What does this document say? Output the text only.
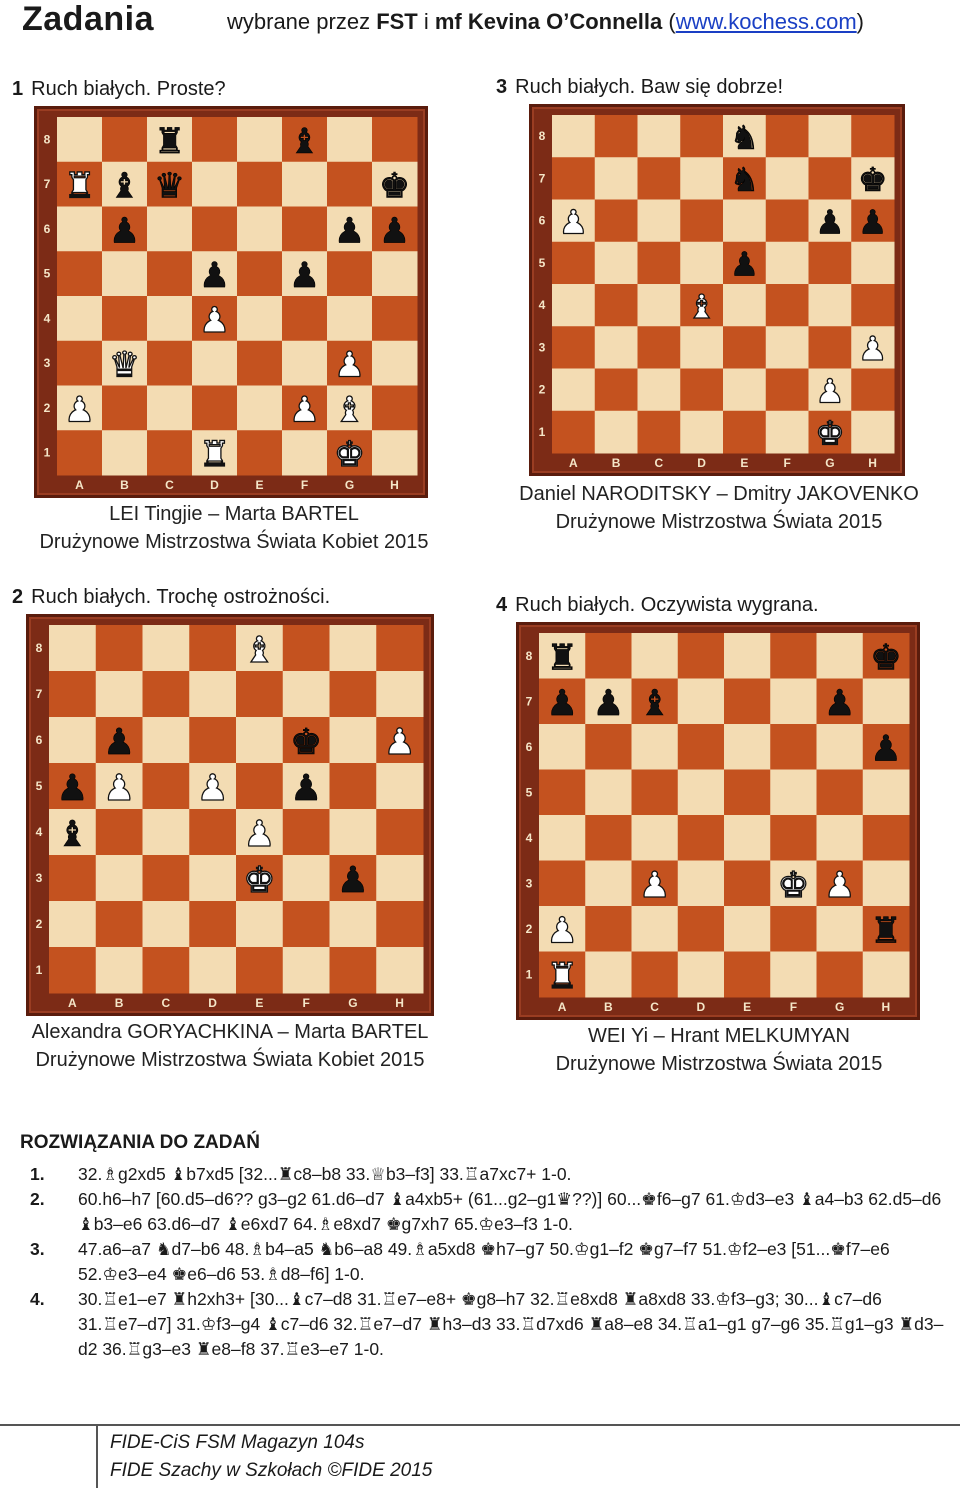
Zadania	wybrane przez FST i mf Kevina O’Connella (www.kochess.com)
1 Ruch białych. Proste?	3 Ruch białych. Baw się dobrze!
2 Ruch białych. Trochę ostrożności.	4 Ruch białych. Oczywista wygrana.
8
7
6
5
4
3
2
1
A	B	C	D	E	F	G	H
♜	♝
♜ ♝ ♛	♚
♟	♟ ♟
♟ ♟
♟
♛	♟
♟	♟ ♝
♜	♚
8
7
6
5
4
3
2
1
A	B	C	D	E	F	G	H
♞
♞	♚
♟	♟ ♟
♟
♝
♟
♟
♚
8
7
6
5
4
3
2
1
A	B	C	D	E	F	G	H
♝
♟	♚ ♟
♟ ♟ ♟ ♟
♝	♟
♚ ♟
8
7
6
5
4
3
2
1
A	B	C	D	E	F	G	H
♜	♚
♟ ♟ ♝	♟
♟
♟	♚ ♟
♟	♜
♜
LEI Tingjie – Marta BARTEL
Drużynowe Mistrzostwa Świata Kobiet 2015
Daniel NARODITSKY – Dmitry JAKOVENKO
Drużynowe Mistrzostwa Świata 2015
Alexandra GORYACHKINA – Marta BARTEL
Drużynowe Mistrzostwa Świata Kobiet 2015
WEI Yi – Hrant MELKUMYAN
Drużynowe Mistrzostwa Świata 2015
ROZWIĄZANIA DO ZADAŃ
1.	32.♗g2xd5 ♝b7xd5 [32...♜c8–b8 33.♕b3–f3] 33.♖a7xc7+ 1-0.
2.	60.h6–h7 [60.d5–d6?? g3–g2 61.d6–d7 ♝a4xb5+ (61...g2–g1♛??)] 60...♚f6–g7 61.♔d3–e3 ♝a4–b3 62.d5–d6 ♝b3–e6 63.d6–d7 ♝e6xd7 64.♗e8xd7 ♚g7xh7 65.♔e3–f3 1-0.
3.	47.a6–a7 ♞d7–b6 48.♗b4–a5 ♞b6–a8 49.♗a5xd8 ♚h7–g7 50.♔g1–f2 ♚g7–f7 51.♔f2–e3 [51...♚f7–e6 52.♔e3–e4 ♚e6–d6 53.♗d8–f6] 1-0.
4.	30.♖e1–e7 ♜h2xh3+ [30...♝c7–d8 31.♖e7–e8+ ♚g8–h7 32.♖e8xd8 ♜a8xd8 33.♔f3–g3; 30...♝c7–d6 31.♖e7–d7] 31.♔f3–g4 ♝c7–d6 32.♖e7–d7 ♜h3–d3 33.♖d7xd6 ♜a8–e8 34.♖a1–g1 g7–g6 35.♖g1–g3 ♜d3–d2 36.♖g3–e3 ♜e8–f8 37.♖e3–e7 1-0.
FIDE-CiS FSM Magazyn 104s
FIDE Szachy w Szkołach ©FIDE 2015
